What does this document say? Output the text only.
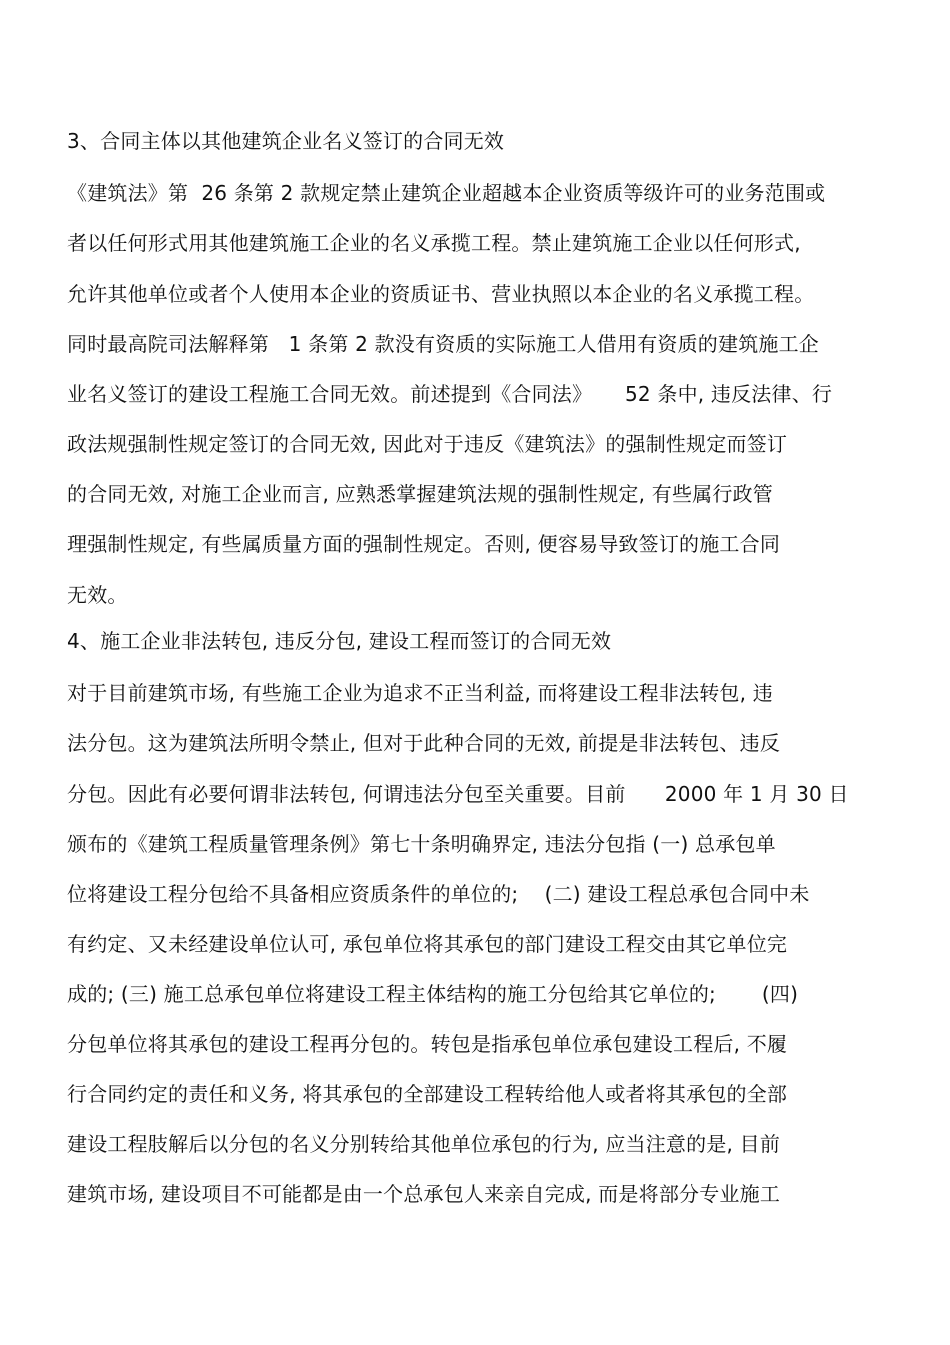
3、合同主体以其他建筑企业名义签订的合同无效
《建筑法》第  26 条第 2 款规定禁止建筑企业超越本企业资质等级许可的业务范围或
者以任何形式用其他建筑施工企业的名义承揽工程。禁止建筑施工企业以任何形式,
允许其他单位或者个人使用本企业的资质证书、营业执照以本企业的名义承揽工程。
同时最高院司法解释第   1 条第 2 款没有资质的实际施工人借用有资质的建筑施工企
业名义签订的建设工程施工合同无效。前述提到《合同法》     52 条中, 违反法律、行
政法规强制性规定签订的合同无效, 因此对于违反《建筑法》的强制性规定而签订
的合同无效, 对施工企业而言, 应熟悉掌握建筑法规的强制性规定, 有些属行政管
理强制性规定, 有些属质量方面的强制性规定。否则, 便容易导致签订的施工合同
无效。
4、施工企业非法转包, 违反分包, 建设工程而签订的合同无效
对于目前建筑市场, 有些施工企业为追求不正当利益, 而将建设工程非法转包, 违
法分包。这为建筑法所明令禁止, 但对于此种合同的无效, 前提是非法转包、违反
分包。因此有必要何谓非法转包, 何谓违法分包至关重要。目前      2000 年 1 月 30 日
颁布的《建筑工程质量管理条例》第七十条明确界定, 违法分包指 (一) 总承包单
位将建设工程分包给不具备相应资质条件的单位的;    (二) 建设工程总承包合同中未
有约定、又未经建设单位认可, 承包单位将其承包的部门建设工程交由其它单位完
成的; (三) 施工总承包单位将建设工程主体结构的施工分包给其它单位的;       (四)
分包单位将其承包的建设工程再分包的。转包是指承包单位承包建设工程后, 不履
行合同约定的责任和义务, 将其承包的全部建设工程转给他人或者将其承包的全部
建设工程肢解后以分包的名义分别转给其他单位承包的行为, 应当注意的是, 目前
建筑市场, 建设项目不可能都是由一个总承包人来亲自完成, 而是将部分专业施工
